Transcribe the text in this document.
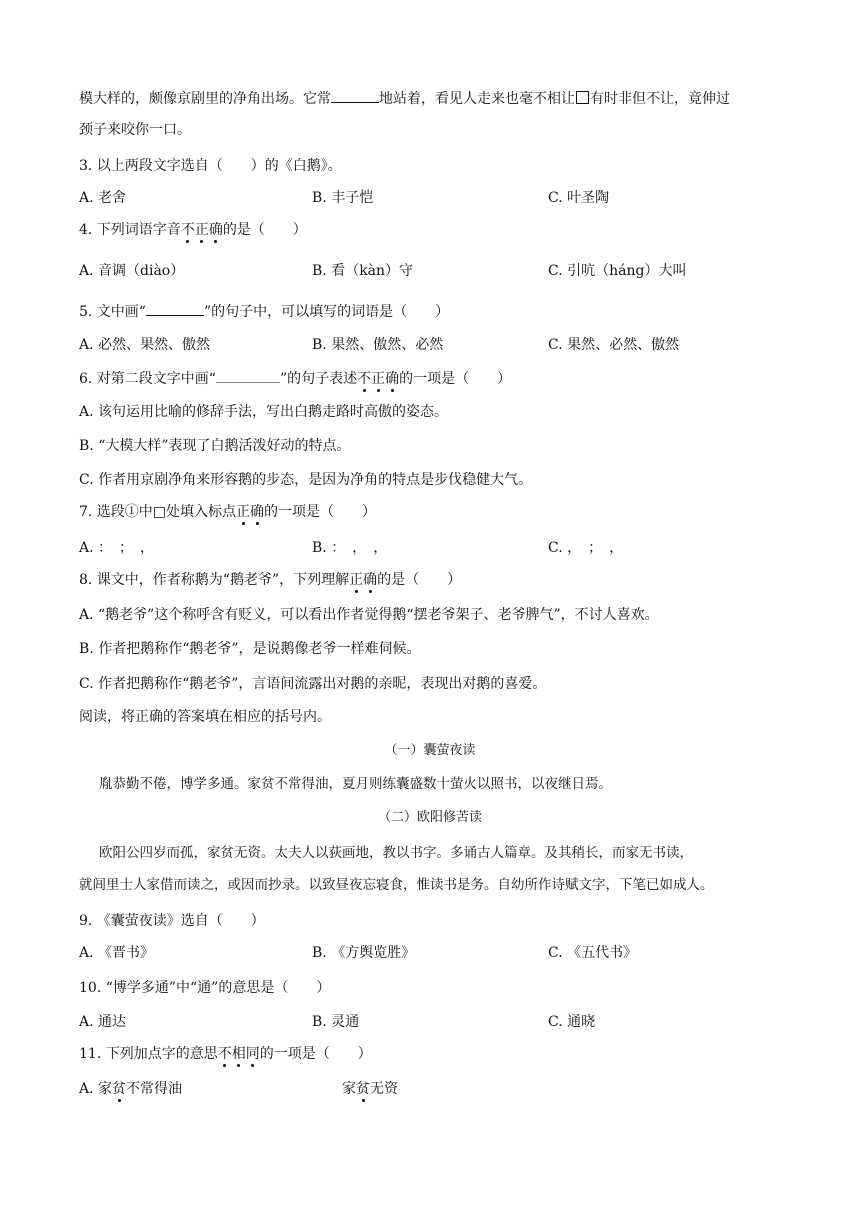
模大样的，颇像京剧里的净角出场。它常	地站着，看见人走来也毫不相让 有时非但不让，竟伸过
颈子来咬你一口。
3. 以上两段文字选自（　　）的《白鹅》。
A. 老舍	B. 丰子恺	C. 叶圣陶
4. 下列词语字音不正确的是（　　）
A. 音调（diào）	B. 看（kàn）守	C. 引吭（háng）大叫
5. 文中画“	”的句子中，可以填写的词语是（　　）
A. 必然、果然、傲然	B. 果然、傲然、必然	C. 果然、必然、傲然
6. 对第二段文字中画“	”的句子表述不正确的一项是（　　）
A. 该句运用比喻的修辞手法，写出白鹅走路时高傲的姿态。
B. “大模大样”表现了白鹅活泼好动的特点。
C. 作者用京剧净角来形容鹅的步态，是因为净角的特点是步伐稳健大气。
7. 选段①中□处填入标点正确的一项是（　　）
A. ：　；　，	B. ：　，　，	C. ，　；　，
8. 课文中，作者称鹅为“鹅老爷”，下列理解正确的是（　　）
A. “鹅老爷”这个称呼含有贬义，可以看出作者觉得鹅“摆老爷架子、老爷脾气”，不讨人喜欢。
B. 作者把鹅称作“鹅老爷”，是说鹅像老爷一样难伺候。
C. 作者把鹅称作“鹅老爷”，言语间流露出对鹅的亲昵，表现出对鹅的喜爱。
阅读，将正确的答案填在相应的括号内。
（一）囊萤夜读
胤恭勤不倦，博学多通。家贫不常得油，夏月则练囊盛数十萤火以照书，以夜继日焉。
（二）欧阳修苦读
欧阳公四岁而孤，家贫无资。太夫人以荻画地，教以书字。多诵古人篇章。及其稍长，而家无书读，
就闾里士人家借而读之，或因而抄录。以致昼夜忘寝食，惟读书是务。自幼所作诗赋文字，下笔已如成人。
9. 《囊萤夜读》选自（　　）
A. 《晋书》	B. 《方舆览胜》	C. 《五代书》
10. “博学多通”中“通”的意思是（　　）
A. 通达	B. 灵通	C. 通晓
11. 下列加点字的意思不相同的一项是（　　）
A. 家贫不常得油	家贫无资
